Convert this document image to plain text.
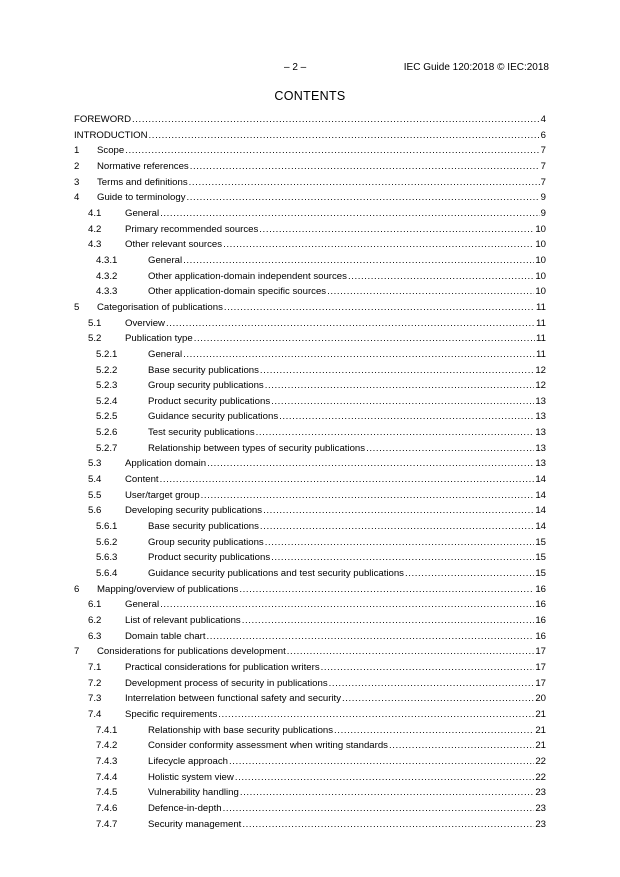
– 2 –	IEC Guide 120:2018 © IEC:2018
CONTENTS
FOREWORD .....	4
INTRODUCTION .....	6
1	Scope .....	7
2	Normative references .....	7
3	Terms and definitions .....	7
4	Guide to terminology .....	9
4.1	General .....	9
4.2	Primary recommended sources .....	10
4.3	Other relevant sources .....	10
4.3.1	General .....	10
4.3.2	Other application-domain independent sources .....	10
4.3.3	Other application-domain specific sources .....	10
5	Categorisation of publications .....	11
5.1	Overview .....	11
5.2	Publication type .....	11
5.2.1	General .....	11
5.2.2	Base security publications .....	12
5.2.3	Group security publications .....	12
5.2.4	Product security publications .....	13
5.2.5	Guidance security publications .....	13
5.2.6	Test security publications .....	13
5.2.7	Relationship between types of security publications .....	13
5.3	Application domain .....	13
5.4	Content .....	14
5.5	User/target group .....	14
5.6	Developing security publications .....	14
5.6.1	Base security publications .....	14
5.6.2	Group security publications .....	15
5.6.3	Product security publications .....	15
5.6.4	Guidance security publications and test security publications .....	15
6	Mapping/overview of publications .....	16
6.1	General .....	16
6.2	List of relevant publications .....	16
6.3	Domain table chart .....	16
7	Considerations for publications development .....	17
7.1	Practical considerations for publication writers .....	17
7.2	Development process of security in publications .....	17
7.3	Interrelation between functional safety and security .....	20
7.4	Specific requirements .....	21
7.4.1	Relationship with base security publications .....	21
7.4.2	Consider conformity assessment when writing standards .....	21
7.4.3	Lifecycle approach .....	22
7.4.4	Holistic system view .....	22
7.4.5	Vulnerability handling .....	23
7.4.6	Defence-in-depth .....	23
7.4.7	Security management .....	23
